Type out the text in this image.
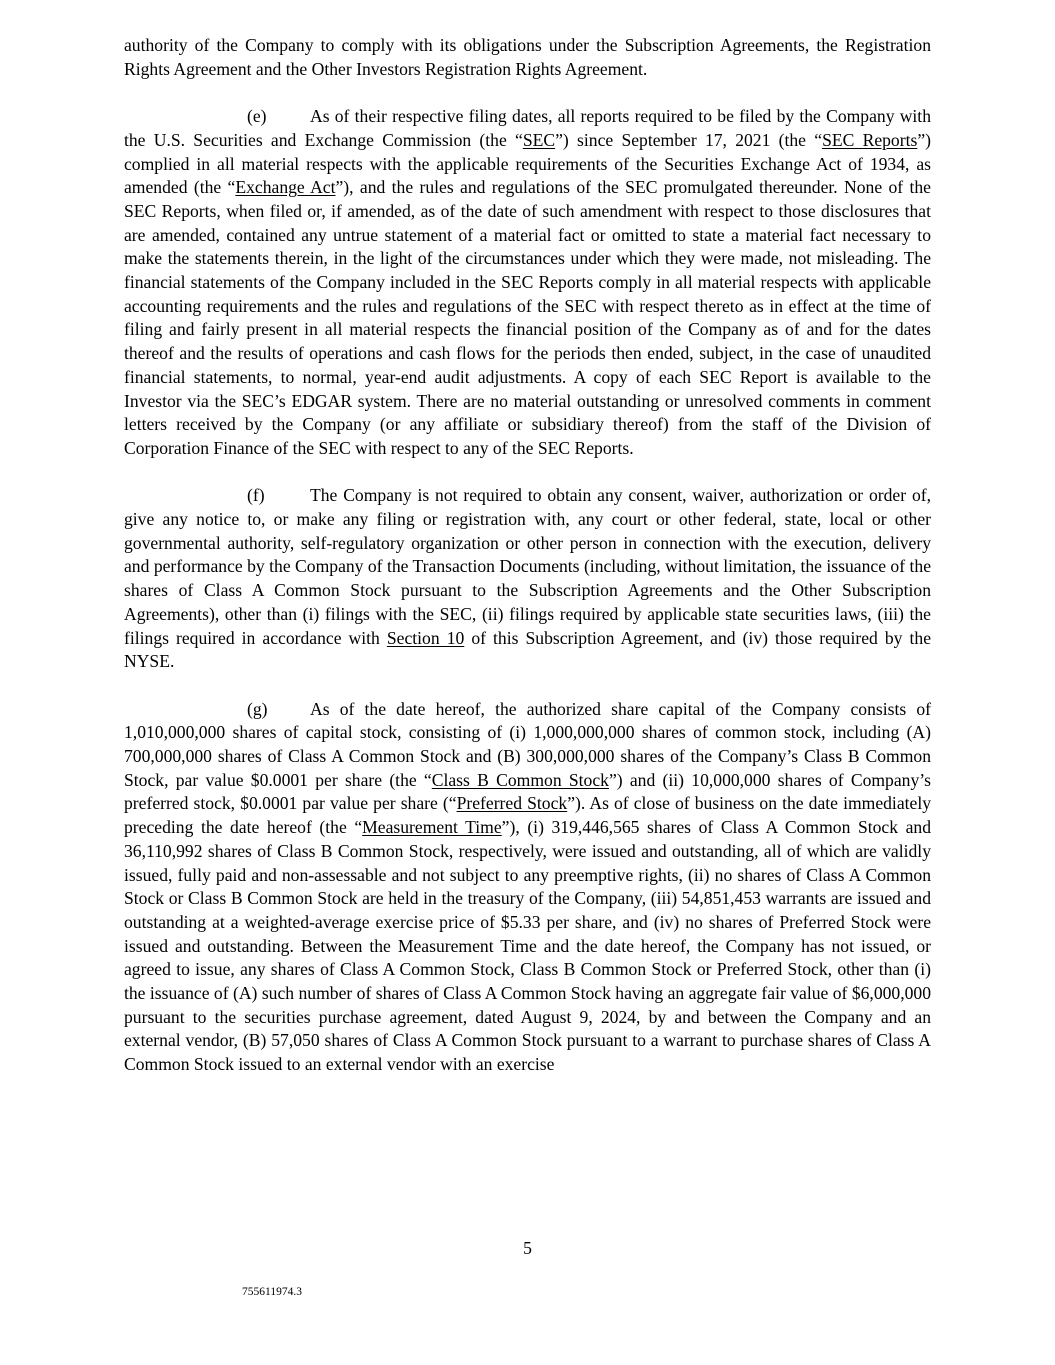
authority of the Company to comply with its obligations under the Subscription Agreements, the Registration Rights Agreement and the Other Investors Registration Rights Agreement.

(e) As of their respective filing dates, all reports required to be filed by the Company with the U.S. Securities and Exchange Commission (the “SEC”) since September 17, 2021 (the “SEC Reports”) complied in all material respects with the applicable requirements of the Securities Exchange Act of 1934, as amended (the “Exchange Act”), and the rules and regulations of the SEC promulgated thereunder. None of the SEC Reports, when filed or, if amended, as of the date of such amendment with respect to those disclosures that are amended, contained any untrue statement of a material fact or omitted to state a material fact necessary to make the statements therein, in the light of the circumstances under which they were made, not misleading. The financial statements of the Company included in the SEC Reports comply in all material respects with applicable accounting requirements and the rules and regulations of the SEC with respect thereto as in effect at the time of filing and fairly present in all material respects the financial position of the Company as of and for the dates thereof and the results of operations and cash flows for the periods then ended, subject, in the case of unaudited financial statements, to normal, year-end audit adjustments. A copy of each SEC Report is available to the Investor via the SEC’s EDGAR system. There are no material outstanding or unresolved comments in comment letters received by the Company (or any affiliate or subsidiary thereof) from the staff of the Division of Corporation Finance of the SEC with respect to any of the SEC Reports.

(f)	The Company is not required to obtain any consent, waiver, authorization or order of, give any notice to, or make any filing or registration with, any court or other federal, state, local or other governmental authority, self-regulatory organization or other person in connection with the execution, delivery and performance by the Company of the Transaction Documents (including, without limitation, the issuance of the shares of Class A Common Stock pursuant to the Subscription Agreements and the Other Subscription Agreements), other than (i) filings with the SEC, (ii) filings required by applicable state securities laws, (iii) the filings required in accordance with Section 10 of this Subscription Agreement, and (iv) those required by the NYSE.

(g) As of the date hereof, the authorized share capital of the Company consists of 1,010,000,000 shares of capital stock, consisting of (i) 1,000,000,000 shares of common stock, including (A) 700,000,000 shares of Class A Common Stock and (B) 300,000,000 shares of the Company’s Class B Common Stock, par value $0.0001 per share (the “Class B Common Stock”) and (ii) 10,000,000 shares of Company’s preferred stock, $0.0001 par value per share (“Preferred Stock”). As of close of business on the date immediately preceding the date hereof (the “Measurement Time”), (i) 319,446,565 shares of Class A Common Stock and 36,110,992 shares of Class B Common Stock, respectively, were issued and outstanding, all of which are validly issued, fully paid and non-assessable and not subject to any preemptive rights, (ii) no shares of Class A Common Stock or Class B Common Stock are held in the treasury of the Company, (iii) 54,851,453 warrants are issued and outstanding at a weighted-average exercise price of $5.33 per share, and (iv) no shares of Preferred Stock were issued and outstanding. Between the Measurement Time and the date hereof, the Company has not issued, or agreed to issue, any shares of Class A Common Stock, Class B Common Stock or Preferred Stock, other than (i) the issuance of (A) such number of shares of Class A Common Stock having an aggregate fair value of $6,000,000 pursuant to the securities purchase agreement, dated August 9, 2024, by and between the Company and an external vendor, (B) 57,050 shares of Class A Common Stock pursuant to a warrant to purchase shares of Class A Common Stock issued to an external vendor with an exercise

5
755611974.3
